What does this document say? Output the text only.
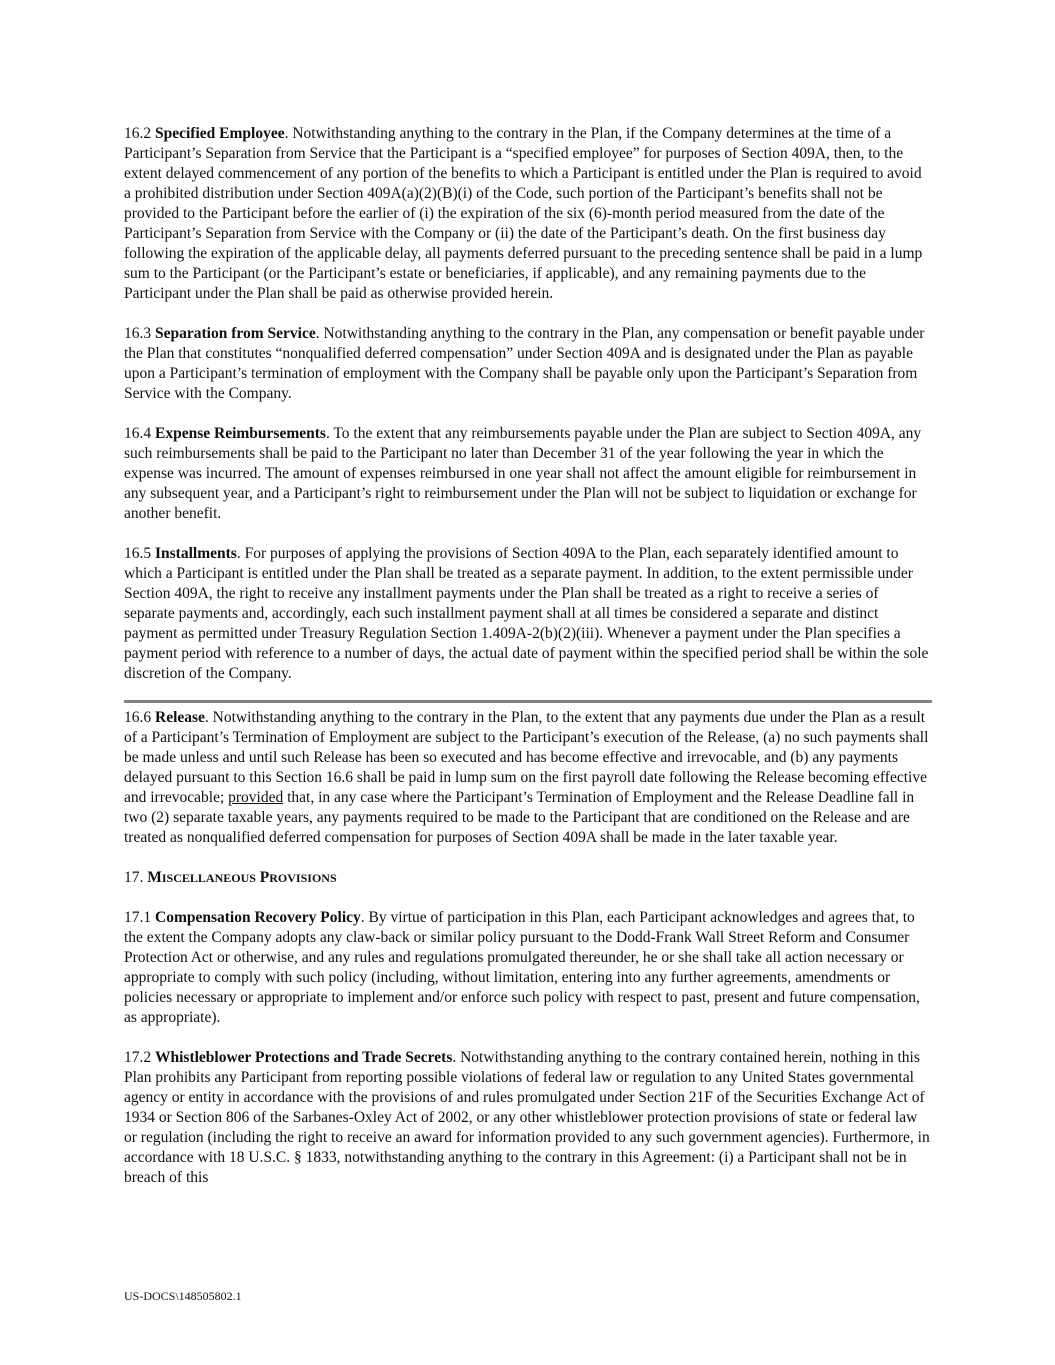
16.2 Specified Employee. Notwithstanding anything to the contrary in the Plan, if the Company determines at the time of a Participant’s Separation from Service that the Participant is a “specified employee” for purposes of Section 409A, then, to the extent delayed commencement of any portion of the benefits to which a Participant is entitled under the Plan is required to avoid a prohibited distribution under Section 409A(a)(2)(B)(i) of the Code, such portion of the Participant’s benefits shall not be provided to the Participant before the earlier of (i) the expiration of the six (6)-month period measured from the date of the Participant’s Separation from Service with the Company or (ii) the date of the Participant’s death. On the first business day following the expiration of the applicable delay, all payments deferred pursuant to the preceding sentence shall be paid in a lump sum to the Participant (or the Participant’s estate or beneficiaries, if applicable), and any remaining payments due to the Participant under the Plan shall be paid as otherwise provided herein.

16.3 Separation from Service. Notwithstanding anything to the contrary in the Plan, any compensation or benefit payable under the Plan that constitutes “nonqualified deferred compensation” under Section 409A and is designated under the Plan as payable upon a Participant’s termination of employment with the Company shall be payable only upon the Participant’s Separation from Service with the Company.

16.4 Expense Reimbursements. To the extent that any reimbursements payable under the Plan are subject to Section 409A, any such reimbursements shall be paid to the Participant no later than December 31 of the year following the year in which the expense was incurred. The amount of expenses reimbursed in one year shall not affect the amount eligible for reimbursement in any subsequent year, and a Participant’s right to reimbursement under the Plan will not be subject to liquidation or exchange for another benefit.

16.5 Installments. For purposes of applying the provisions of Section 409A to the Plan, each separately identified amount to which a Participant is entitled under the Plan shall be treated as a separate payment. In addition, to the extent permissible under Section 409A, the right to receive any installment payments under the Plan shall be treated as a right to receive a series of separate payments and, accordingly, each such installment payment shall at all times be considered a separate and distinct payment as permitted under Treasury Regulation Section 1.409A-2(b)(2)(iii). Whenever a payment under the Plan specifies a payment period with reference to a number of days, the actual date of payment within the specified period shall be within the sole discretion of the Company.

16.6 Release. Notwithstanding anything to the contrary in the Plan, to the extent that any payments due under the Plan as a result of a Participant’s Termination of Employment are subject to the Participant’s execution of the Release, (a) no such payments shall be made unless and until such Release has been so executed and has become effective and irrevocable, and (b) any payments delayed pursuant to this Section 16.6 shall be paid in lump sum on the first payroll date following the Release becoming effective and irrevocable; provided that, in any case where the Participant’s Termination of Employment and the Release Deadline fall in two (2) separate taxable years, any payments required to be made to the Participant that are conditioned on the Release and are treated as nonqualified deferred compensation for purposes of Section 409A shall be made in the later taxable year.

17. MISCELLANEOUS PROVISIONS

17.1 Compensation Recovery Policy. By virtue of participation in this Plan, each Participant acknowledges and agrees that, to the extent the Company adopts any claw-back or similar policy pursuant to the Dodd-Frank Wall Street Reform and Consumer Protection Act or otherwise, and any rules and regulations promulgated thereunder, he or she shall take all action necessary or appropriate to comply with such policy (including, without limitation, entering into any further agreements, amendments or policies necessary or appropriate to implement and/or enforce such policy with respect to past, present and future compensation, as appropriate).

17.2 Whistleblower Protections and Trade Secrets. Notwithstanding anything to the contrary contained herein, nothing in this Plan prohibits any Participant from reporting possible violations of federal law or regulation to any United States governmental agency or entity in accordance with the provisions of and rules promulgated under Section 21F of the Securities Exchange Act of 1934 or Section 806 of the Sarbanes-Oxley Act of 2002, or any other whistleblower protection provisions of state or federal law or regulation (including the right to receive an award for information provided to any such government agencies). Furthermore, in accordance with 18 U.S.C. § 1833, notwithstanding anything to the contrary in this Agreement: (i) a Participant shall not be in breach of this

US-DOCS\148505802.1
